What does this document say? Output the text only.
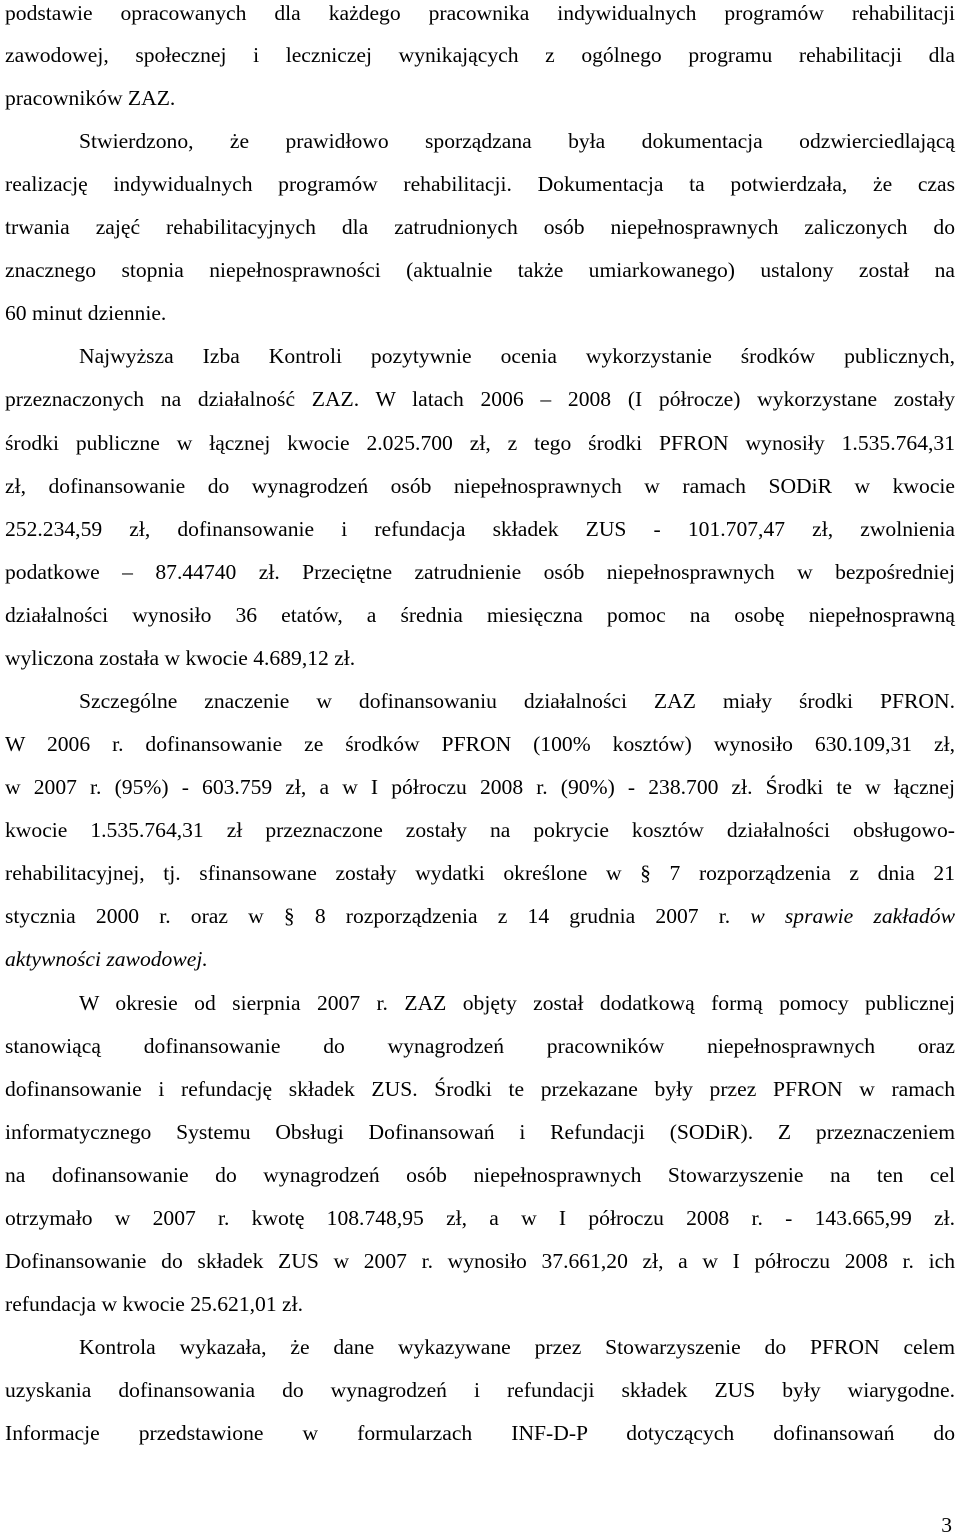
podstawie opracowanych dla każdego pracownika indywidualnych programów rehabilitacji
zawodowej, społecznej i leczniczej wynikających z ogólnego programu rehabilitacji dla
pracowników ZAZ.
Stwierdzono, że prawidłowo sporządzana była dokumentacja odzwierciedlającą
realizację indywidualnych programów rehabilitacji. Dokumentacja ta potwierdzała, że czas
trwania zajęć rehabilitacyjnych dla zatrudnionych osób niepełnosprawnych zaliczonych do
znacznego stopnia niepełnosprawności (aktualnie także umiarkowanego) ustalony został na
60 minut dziennie.
Najwyższa Izba Kontroli pozytywnie ocenia wykorzystanie środków publicznych,
przeznaczonych na działalność ZAZ. W latach 2006 – 2008 (I półrocze) wykorzystane zostały
środki publiczne w łącznej kwocie 2.025.700 zł, z tego środki PFRON wynosiły 1.535.764,31
zł, dofinansowanie do wynagrodzeń osób niepełnosprawnych w ramach SODiR w kwocie
252.234,59 zł, dofinansowanie i refundacja składek ZUS - 101.707,47 zł, zwolnienia
podatkowe – 87.44740 zł. Przeciętne zatrudnienie osób niepełnosprawnych w bezpośredniej
działalności wynosiło 36 etatów, a średnia miesięczna pomoc na osobę niepełnosprawną
wyliczona została w kwocie 4.689,12 zł.
Szczególne znaczenie w dofinansowaniu działalności ZAZ miały środki PFRON.
W 2006 r. dofinansowanie ze środków PFRON (100% kosztów) wynosiło 630.109,31 zł,
w 2007 r. (95%) - 603.759 zł, a w I półroczu 2008 r. (90%) - 238.700 zł. Środki te w łącznej
kwocie 1.535.764,31 zł przeznaczone zostały na pokrycie kosztów działalności obsługowo-
rehabilitacyjnej, tj. sfinansowane zostały wydatki określone w § 7 rozporządzenia z dnia 21
stycznia 2000 r. oraz w § 8 rozporządzenia z 14 grudnia 2007 r. w sprawie zakładów
aktywności zawodowej.
W okresie od sierpnia 2007 r. ZAZ objęty został dodatkową formą pomocy publicznej
stanowiącą dofinansowanie do wynagrodzeń pracowników niepełnosprawnych oraz
dofinansowanie i refundację składek ZUS. Środki te przekazane były przez PFRON w ramach
informatycznego Systemu Obsługi Dofinansowań i Refundacji (SODiR). Z przeznaczeniem
na dofinansowanie do wynagrodzeń osób niepełnosprawnych Stowarzyszenie na ten cel
otrzymało w 2007 r. kwotę 108.748,95 zł, a w I półroczu 2008 r. - 143.665,99 zł.
Dofinansowanie do składek ZUS w 2007 r. wynosiło 37.661,20 zł, a w I półroczu 2008 r. ich
refundacja w kwocie 25.621,01 zł.
Kontrola wykazała, że dane wykazywane przez Stowarzyszenie do PFRON celem
uzyskania dofinansowania do wynagrodzeń i refundacji składek ZUS były wiarygodne.
Informacje przedstawione w formularzach INF-D-P dotyczących dofinansowań do
3
